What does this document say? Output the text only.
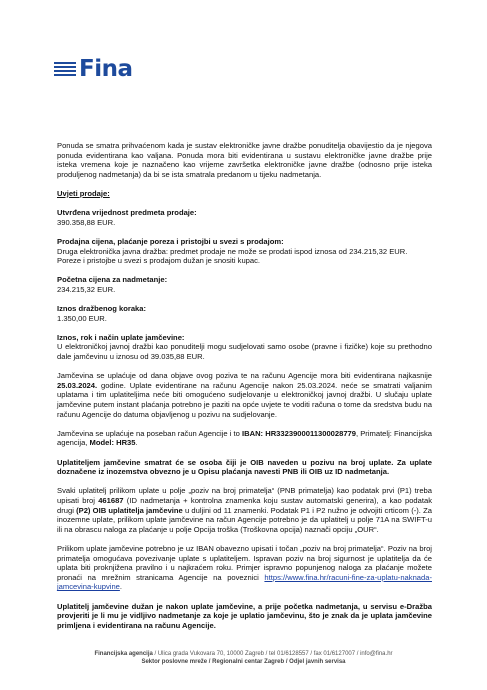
Fina

Ponuda se smatra prihvaćenom kada je sustav elektroničke javne dražbe ponuditelja obavijestio da je njegova ponuda evidentirana kao valjana. Ponuda mora biti evidentirana u sustavu elektroničke javne dražbe prije isteka vremena koje je naznačeno kao vrijeme završetka elektroničke javne dražbe (odnosno prije isteka produljenog nadmetanja) da bi se ista smatrala predanom u tijeku nadmetanja.

Uvjeti prodaje:

Utvrđena vrijednost predmeta prodaje:

390.358,88 EUR.

Prodajna cijena, plaćanje poreza i pristojbi u svezi s prodajom:

Druga elektronička javna dražba: predmet prodaje ne može se prodati ispod iznosa od 234.215,32 EUR.

Poreze i pristojbe u svezi s prodajom dužan je snositi kupac.

Početna cijena za nadmetanje:

234.215,32 EUR.

Iznos dražbenog koraka:

1.350,00 EUR.

Iznos, rok i način uplate jamčevine:

U elektroničkoj javnoj dražbi kao ponuditelji mogu sudjelovati samo osobe (pravne i fizičke) koje su prethodno dale jamčevinu u iznosu od 39.035,88 EUR.

Jamčevina se uplaćuje od dana objave ovog poziva te na računu Agencije mora biti evidentirana najkasnije 25.03.2024. godine. Uplate evidentirane na računu Agencije nakon 25.03.2024. neće se smatrati valjanim uplatama i tim uplatiteljima neće biti omogućeno sudjelovanje u elektroničkoj javnoj dražbi. U slučaju uplate jamčevine putem instant plaćanja potrebno je paziti na opće uvjete te voditi računa o tome da sredstva budu na računu Agencije do datuma objavljenog u pozivu na sudjelovanje.

Jamčevina se uplaćuje na poseban račun Agencije i to IBAN: HR3323900011300028779, Primatelj: Financijska agencija, Model: HR35.

Uplatiteljem jamčevine smatrat će se osoba čiji je OIB naveden u pozivu na broj uplate. Za uplate doznačene iz inozemstva obvezno je u Opisu plaćanja navesti PNB ili OIB uz ID nadmetanja.

Svaki uplatitelj prilikom uplate u polje „poziv na broj primatelja“ (PNB primatelja) kao podatak prvi (P1) treba upisati broj 461687 (ID nadmetanja + kontrolna znamenka koju sustav automatski generira), a kao podatak drugi (P2) OIB uplatitelja jamčevine u duljini od 11 znamenki. Podatak P1 i P2 nužno je odvojiti crticom (-). Za inozemne uplate, prilikom uplate jamčevine na račun Agencije potrebno je da uplatitelj u polje 71A na SWIFT-u ili na obrascu naloga za plaćanje u polje Opcija troška (Troškovna opcija) naznači opciju „OUR“.

Prilikom uplate jamčevine potrebno je uz IBAN obavezno upisati i točan „poziv na broj primatelja“. Poziv na broj primatelja omogućava povezivanje uplate s uplatiteljem. Ispravan poziv na broj sigurnost je uplatitelja da će uplata biti proknjižena pravilno i u najkraćem roku. Primjer ispravno popunjenog naloga za plaćanje možete pronaći na mrežnim stranicama Agencije na poveznici https://www.fina.hr/racuni-fine-za-uplatu-naknada-jamcevina-kupvine.

Uplatitelj jamčevine dužan je nakon uplate jamčevine, a prije početka nadmetanja, u servisu e-Dražba provjeriti je li mu je vidljivo nadmetanje za koje je uplatio jamčevinu, što je znak da je uplata jamčevine primljena i evidentirana na računu Agencije.

Financijska agencija / Ulica grada Vukovara 70, 10000 Zagreb / tel 01/6128557 / fax 01/6127007 / info@fina.hr
Sektor poslovne mreže / Regionalni centar Zagreb / Odjel javnih servisa
